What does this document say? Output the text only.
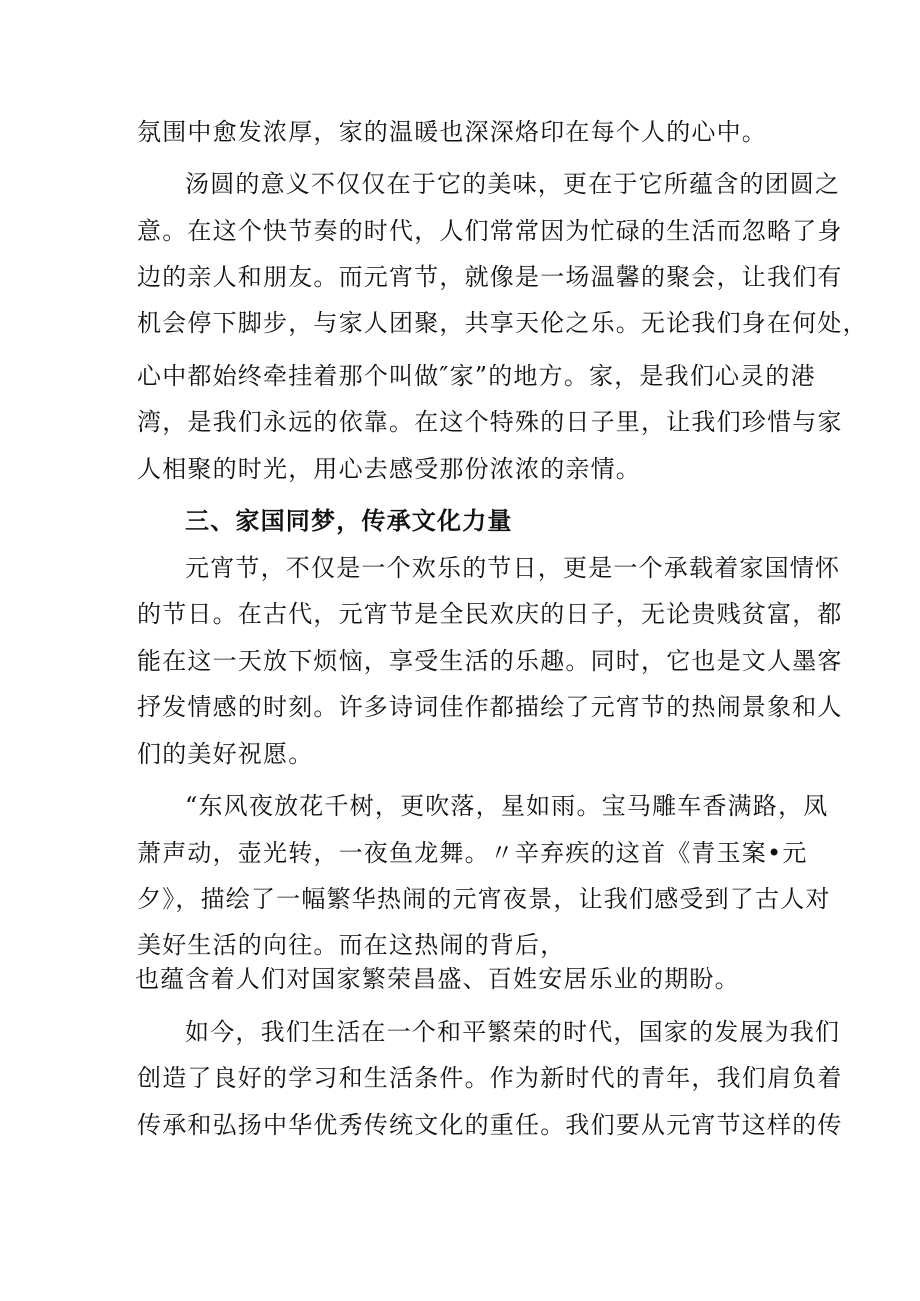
氛围中愈发浓厚，家的温暖也深深烙印在每个人的心中。
汤圆的意义不仅仅在于它的美味，更在于它所蕴含的团圆之
意。在这个快节奏的时代，人们常常因为忙碌的生活而忽略了身
边的亲人和朋友。而元宵节，就像是一场温馨的聚会，让我们有
机会停下脚步，与家人团聚，共享天伦之乐。无论我们身在何处，
心中都始终牵挂着那个叫做″家”的地方。家，是我们心灵的港
湾，是我们永远的依靠。在这个特殊的日子里，让我们珍惜与家
人相聚的时光，用心去感受那份浓浓的亲情。
三、家国同梦，传承文化力量
元宵节，不仅是一个欢乐的节日，更是一个承载着家国情怀
的节日。在古代，元宵节是全民欢庆的日子，无论贵贱贫富，都
能在这一天放下烦恼，享受生活的乐趣。同时，它也是文人墨客
抒发情感的时刻。许多诗词佳作都描绘了元宵节的热闹景象和人
们的美好祝愿。
“东风夜放花千树，更吹落，星如雨。宝马雕车香满路，凤
萧声动，壶光转，一夜鱼龙舞。〃辛弃疾的这首《青玉案•元
夕》，描绘了一幅繁华热闹的元宵夜景，让我们感受到了古人对
美好生活的向往。而在这热闹的背后，
也蕴含着人们对国家繁荣昌盛、百姓安居乐业的期盼。
如今，我们生活在一个和平繁荣的时代，国家的发展为我们
创造了良好的学习和生活条件。作为新时代的青年，我们肩负着
传承和弘扬中华优秀传统文化的重任。我们要从元宵节这样的传
